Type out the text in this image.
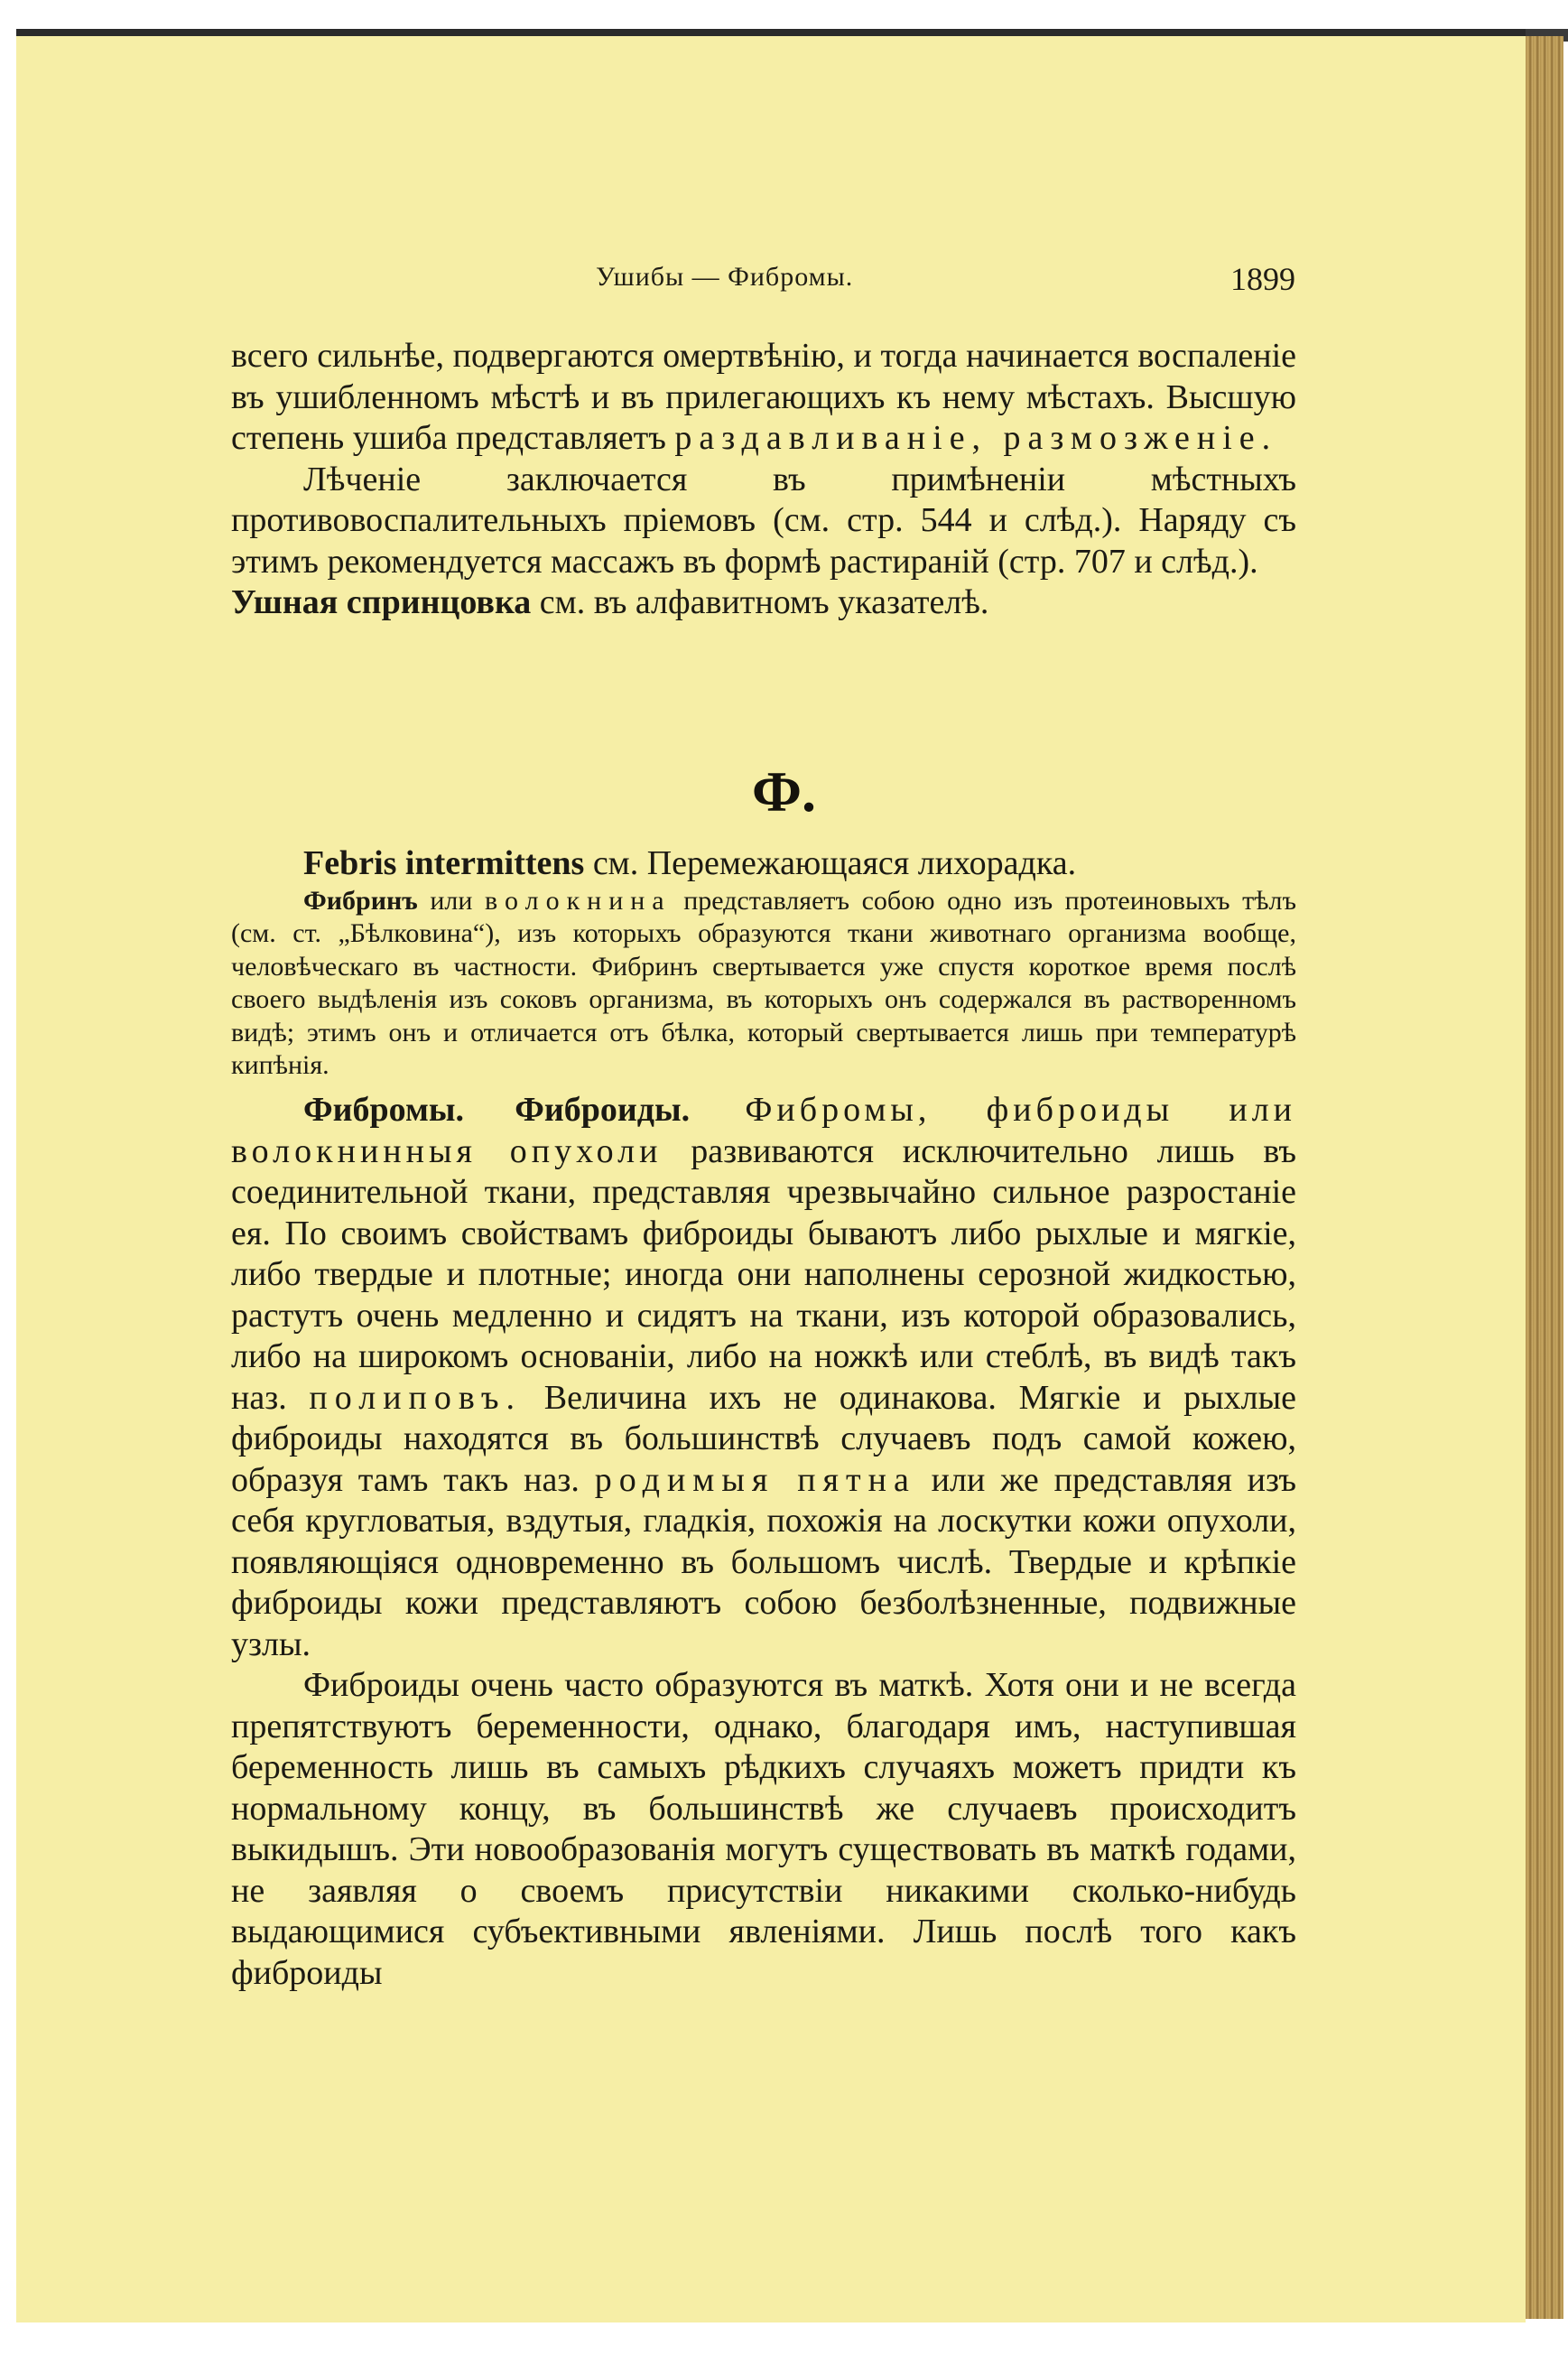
Ушибы — Фибромы.	1899

всего сильнѣе, подвергаются омертвѣнію, и тогда начинается воспаленіе въ ушибленномъ мѣстѣ и въ прилегающихъ къ нему мѣстахъ. Высшую степень ушиба представляетъ раздавливаніе, размозженіе.

Лѣченіе заключается въ примѣненіи мѣстныхъ противовоспалительныхъ пріемовъ (см. стр. 544 и слѣд.). Наряду съ этимъ рекомендуется массажъ въ формѣ растираній (стр. 707 и слѣд.).

Ушная спринцовка см. въ алфавитномъ указателѣ.

Ф.

Febris intermittens см. Перемежающаяся лихорадка.

Фибринъ или волокнина представляетъ собою одно изъ протеиновыхъ тѣлъ (см. ст. „Бѣлковина“), изъ которыхъ образуются ткани животнаго организма вообще, человѣческаго въ частности. Фибринъ свертывается уже спустя короткое время послѣ своего выдѣленія изъ соковъ организма, въ которыхъ онъ содержался въ растворенномъ видѣ; этимъ онъ и отличается отъ бѣлка, который свертывается лишь при температурѣ кипѣнія.

Фибромы. Фиброиды. Фибромы, фиброиды или волокнинныя опухоли развиваются исключительно лишь въ соединительной ткани, представляя чрезвычайно сильное разростаніе ея. По своимъ свойствамъ фиброиды бываютъ либо рыхлые и мягкіе, либо твердые и плотные; иногда они наполнены серозной жидкостью, растутъ очень медленно и сидятъ на ткани, изъ которой образовались, либо на широкомъ основаніи, либо на ножкѣ или стеблѣ, въ видѣ такъ наз. полиповъ. Величина ихъ не одинакова. Мягкіе и рыхлые фиброиды находятся въ большинствѣ случаевъ подъ самой кожею, образуя тамъ такъ наз. родимыя пятна или же представляя изъ себя кругловатыя, вздутыя, гладкія, похожія на лоскутки кожи опухоли, появляющіяся одновременно въ большомъ числѣ. Твердые и крѣпкіе фиброиды кожи представляютъ собою безболѣзненные, подвижные узлы.

Фиброиды очень часто образуются въ маткѣ. Хотя они и не всегда препятствуютъ беременности, однако, благодаря имъ, наступившая беременность лишь въ самыхъ рѣдкихъ случаяхъ можетъ придти къ нормальному концу, въ большинствѣ же случаевъ происходитъ выкидышъ. Эти новообразованія могутъ существовать въ маткѣ годами, не заявляя о своемъ присутствіи никакими сколько-нибудь выдающимися субъективными явленіями. Лишь послѣ того какъ фиброиды
